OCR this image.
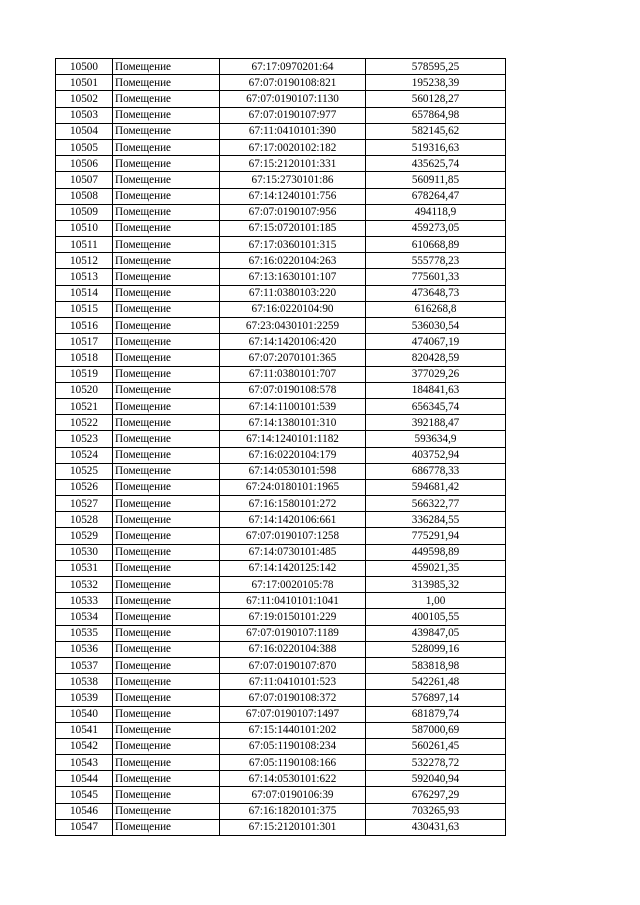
10500	Помещение	67:17:0970201:64	578595,25
10501	Помещение	67:07:0190108:821	195238,39
10502	Помещение	67:07:0190107:1130	560128,27
10503	Помещение	67:07:0190107:977	657864,98
10504	Помещение	67:11:0410101:390	582145,62
10505	Помещение	67:17:0020102:182	519316,63
10506	Помещение	67:15:2120101:331	435625,74
10507	Помещение	67:15:2730101:86	560911,85
10508	Помещение	67:14:1240101:756	678264,47
10509	Помещение	67:07:0190107:956	494118,9
10510	Помещение	67:15:0720101:185	459273,05
10511	Помещение	67:17:0360101:315	610668,89
10512	Помещение	67:16:0220104:263	555778,23
10513	Помещение	67:13:1630101:107	775601,33
10514	Помещение	67:11:0380103:220	473648,73
10515	Помещение	67:16:0220104:90	616268,8
10516	Помещение	67:23:0430101:2259	536030,54
10517	Помещение	67:14:1420106:420	474067,19
10518	Помещение	67:07:2070101:365	820428,59
10519	Помещение	67:11:0380101:707	377029,26
10520	Помещение	67:07:0190108:578	184841,63
10521	Помещение	67:14:1100101:539	656345,74
10522	Помещение	67:14:1380101:310	392188,47
10523	Помещение	67:14:1240101:1182	593634,9
10524	Помещение	67:16:0220104:179	403752,94
10525	Помещение	67:14:0530101:598	686778,33
10526	Помещение	67:24:0180101:1965	594681,42
10527	Помещение	67:16:1580101:272	566322,77
10528	Помещение	67:14:1420106:661	336284,55
10529	Помещение	67:07:0190107:1258	775291,94
10530	Помещение	67:14:0730101:485	449598,89
10531	Помещение	67:14:1420125:142	459021,35
10532	Помещение	67:17:0020105:78	313985,32
10533	Помещение	67:11:0410101:1041	1,00
10534	Помещение	67:19:0150101:229	400105,55
10535	Помещение	67:07:0190107:1189	439847,05
10536	Помещение	67:16:0220104:388	528099,16
10537	Помещение	67:07:0190107:870	583818,98
10538	Помещение	67:11:0410101:523	542261,48
10539	Помещение	67:07:0190108:372	576897,14
10540	Помещение	67:07:0190107:1497	681879,74
10541	Помещение	67:15:1440101:202	587000,69
10542	Помещение	67:05:1190108:234	560261,45
10543	Помещение	67:05:1190108:166	532278,72
10544	Помещение	67:14:0530101:622	592040,94
10545	Помещение	67:07:0190106:39	676297,29
10546	Помещение	67:16:1820101:375	703265,93
10547	Помещение	67:15:2120101:301	430431,63
